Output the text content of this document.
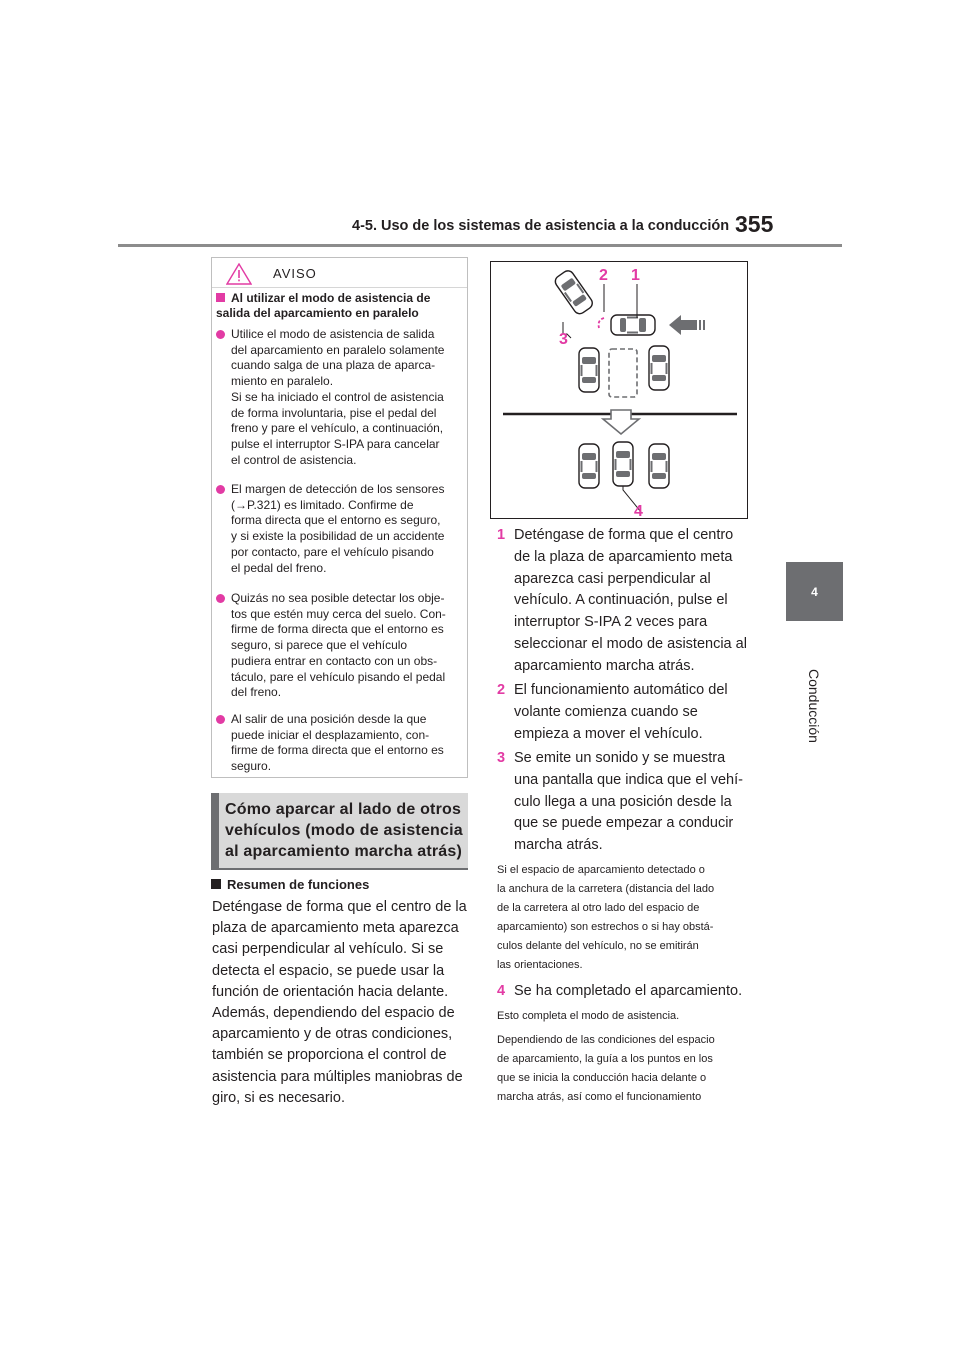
4-5. Uso de los sistemas de asistencia a la conducción 355
4
Conducción
AVISO
Al utilizar el modo de asistencia de salida del aparcamiento en paralelo
Utilice el modo de asistencia de salida
del aparcamiento en paralelo solamente
cuando salga de una plaza de aparca-
miento en paralelo.
Si se ha iniciado el control de asistencia
de forma involuntaria, pise el pedal del
freno y pare el vehículo, a continuación,
pulse el interruptor S-IPA para cancelar
el control de asistencia.
El margen de detección de los sensores
(→P.321) es limitado. Confirme de
forma directa que el entorno es seguro,
y si existe la posibilidad de un accidente
por contacto, pare el vehículo pisando
el pedal del freno.
Quizás no sea posible detectar los obje-
tos que estén muy cerca del suelo. Con-
firme de forma directa que el entorno es
seguro, si parece que el vehículo
pudiera entrar en contacto con un obs-
táculo, pare el vehículo pisando el pedal
del freno.
Al salir de una posición desde la que
puede iniciar el desplazamiento, con-
firme de forma directa que el entorno es
seguro.
Cómo aparcar al lado de otros
vehículos (modo de asistencia
al aparcamiento marcha atrás)
Resumen de funciones
Deténgase de forma que el centro de la
plaza de aparcamiento meta aparezca
casi perpendicular al vehículo. Si se
detecta el espacio, se puede usar la
función de orientación hacia delante.
Además, dependiendo del espacio de
aparcamiento y de otras condiciones,
también se proporciona el control de
asistencia para múltiples maniobras de
giro, si es necesario.
1
2
3
4
1 Deténgase de forma que el centro
de la plaza de aparcamiento meta
aparezca casi perpendicular al
vehículo. A continuación, pulse el
interruptor S-IPA 2 veces para
seleccionar el modo de asistencia al
aparcamiento marcha atrás.
2 El funcionamiento automático del
volante comienza cuando se
empieza a mover el vehículo.
3 Se emite un sonido y se muestra
una pantalla que indica que el vehí-
culo llega a una posición desde la
que se puede empezar a conducir
marcha atrás.
Si el espacio de aparcamiento detectado o
la anchura de la carretera (distancia del lado
de la carretera al otro lado del espacio de
aparcamiento) son estrechos o si hay obstá-
culos delante del vehículo, no se emitirán
las orientaciones.
4 Se ha completado el aparcamiento.
Esto completa el modo de asistencia.
Dependiendo de las condiciones del espacio
de aparcamiento, la guía a los puntos en los
que se inicia la conducción hacia delante o
marcha atrás, así como el funcionamiento
